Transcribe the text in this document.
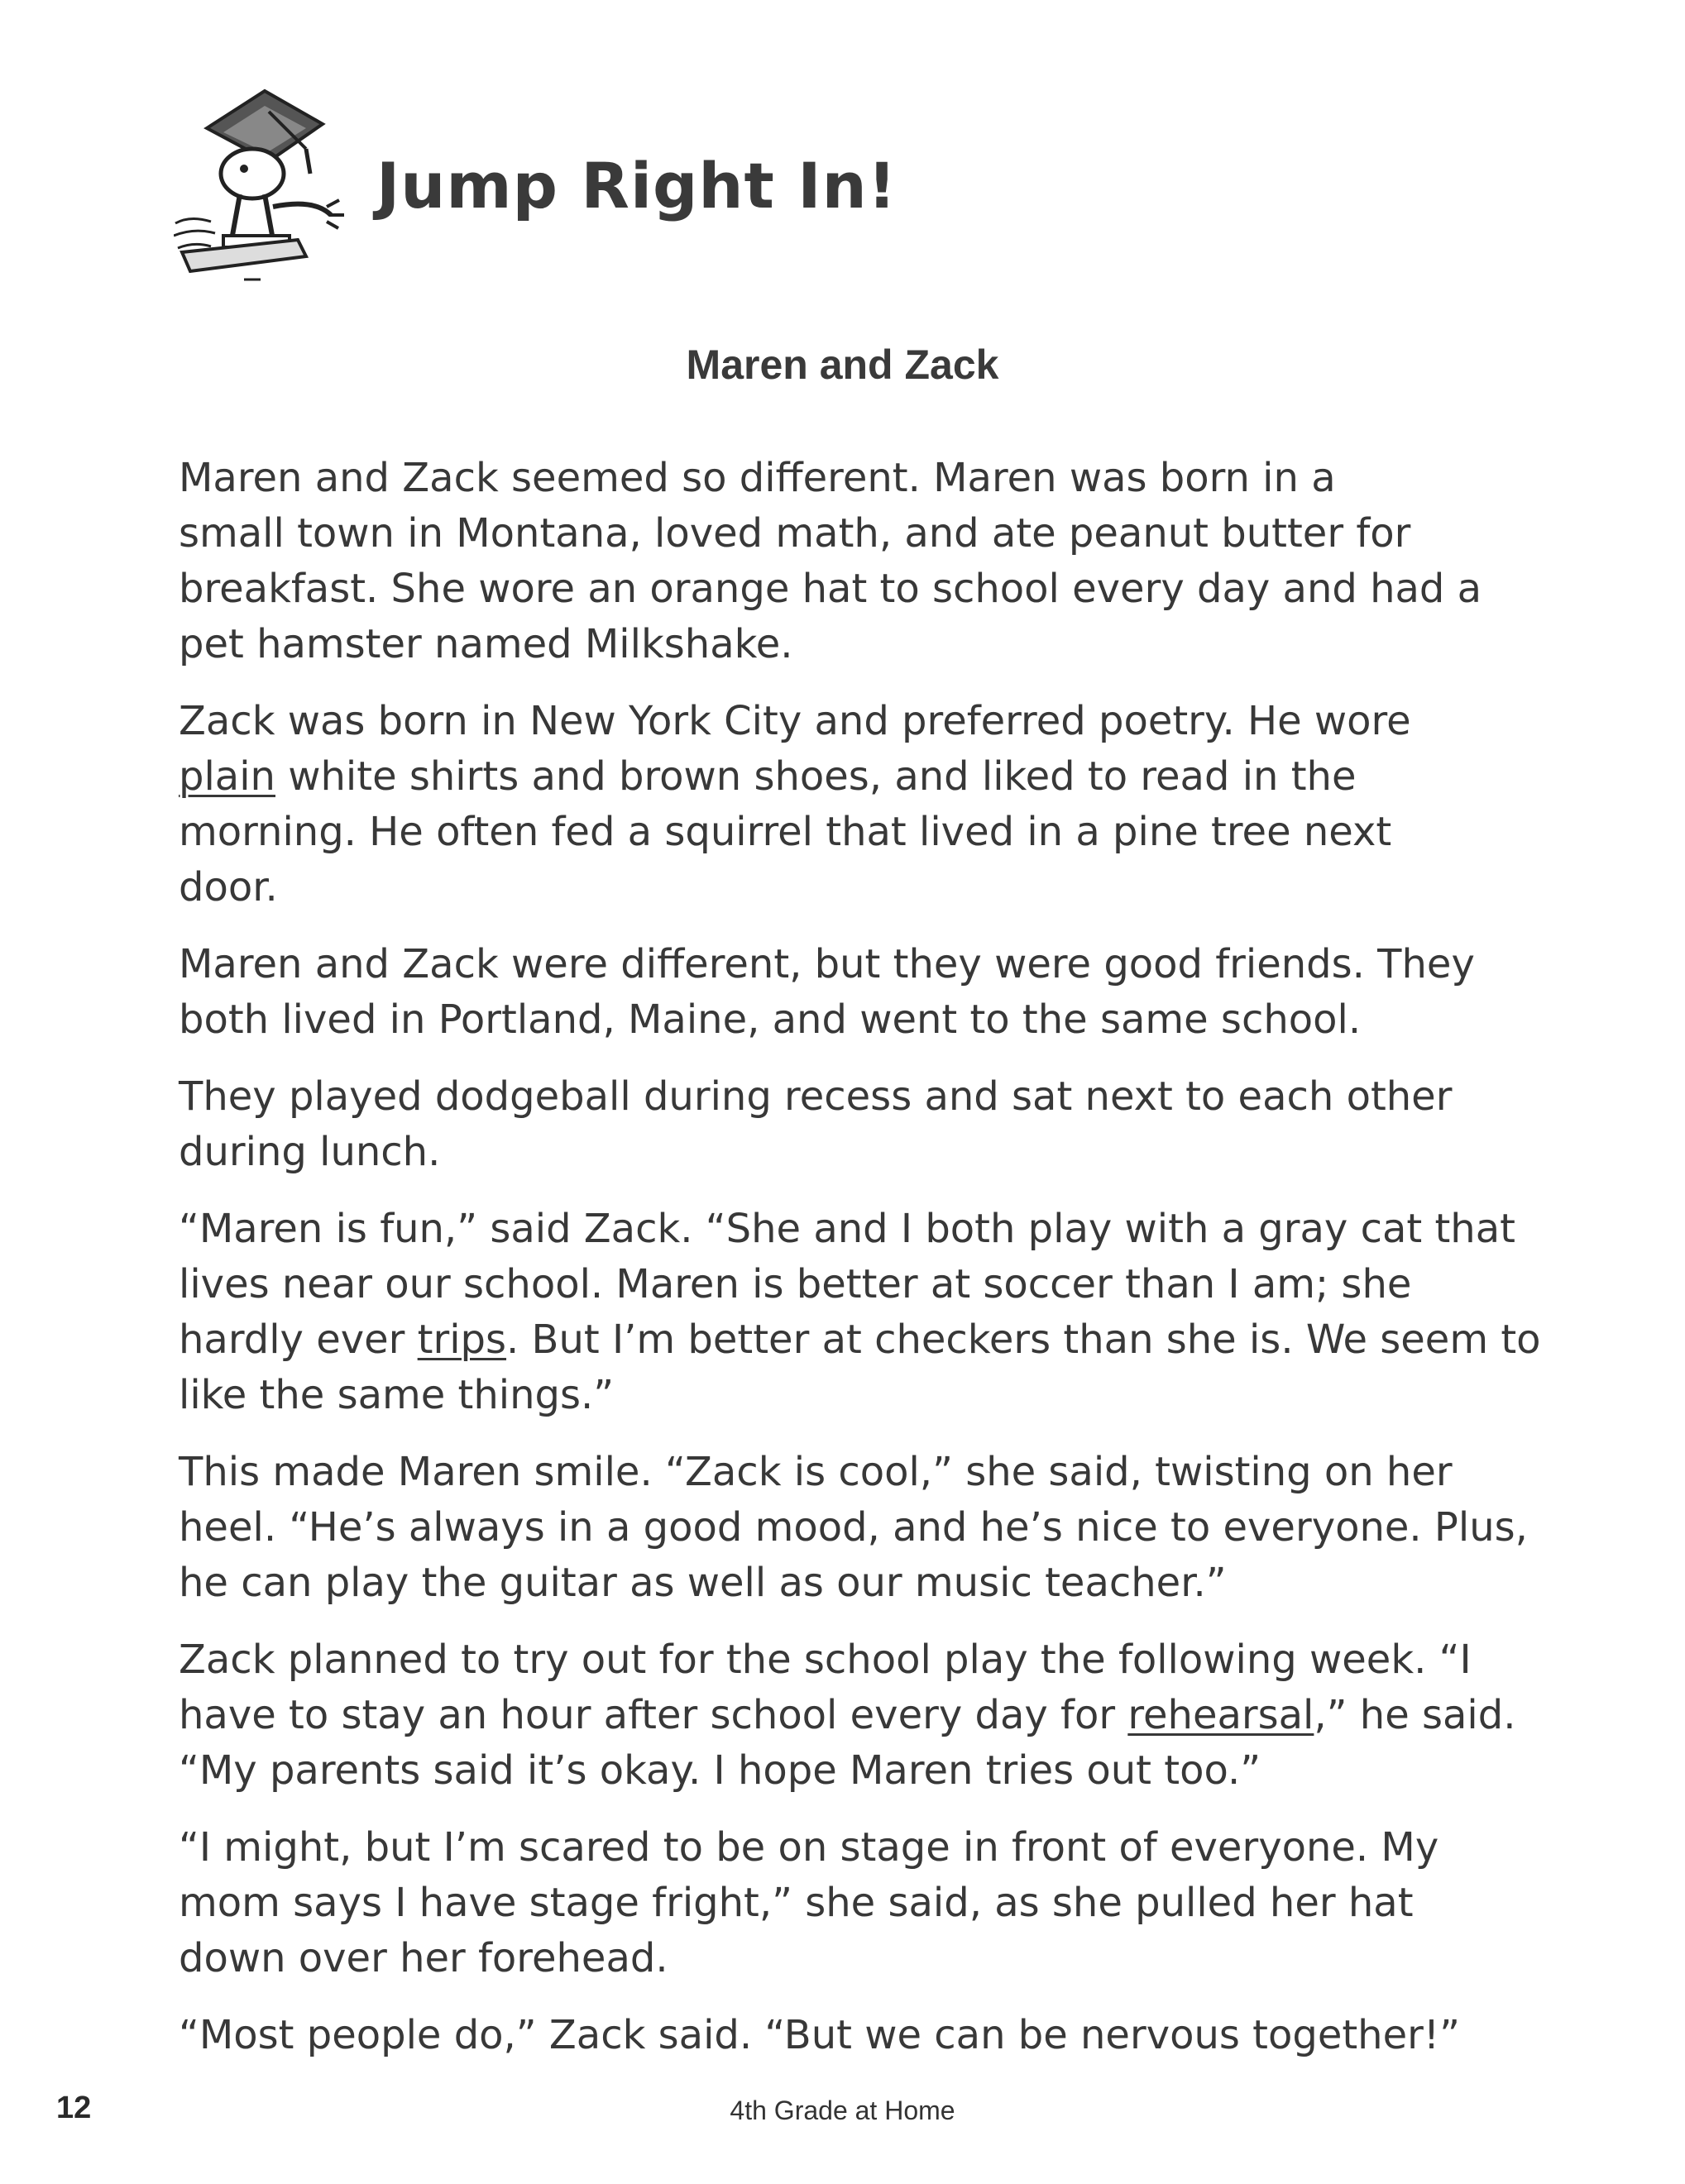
Jump Right In!
Maren and Zack

Maren and Zack seemed so different. Maren was born in a
small town in Montana, loved math, and ate peanut butter for
breakfast. She wore an orange hat to school every day and had a
pet hamster named Milkshake.

Zack was born in New York City and preferred poetry. He wore
plain white shirts and brown shoes, and liked to read in the
morning. He often fed a squirrel that lived in a pine tree next
door.

Maren and Zack were different, but they were good friends. They
both lived in Portland, Maine, and went to the same school.

They played dodgeball during recess and sat next to each other
during lunch.

“Maren is fun,” said Zack. “She and I both play with a gray cat that
lives near our school. Maren is better at soccer than I am; she
hardly ever trips. But I’m better at checkers than she is. We seem to
like the same things.”

This made Maren smile. “Zack is cool,” she said, twisting on her
heel. “He’s always in a good mood, and he’s nice to everyone. Plus,
he can play the guitar as well as our music teacher.”

Zack planned to try out for the school play the following week. “I
have to stay an hour after school every day for rehearsal,” he said.
“My parents said it’s okay. I hope Maren tries out too.”

“I might, but I’m scared to be on stage in front of everyone. My
mom says I have stage fright,” she said, as she pulled her hat
down over her forehead.

“Most people do,” Zack said. “But we can be nervous together!”

12	4th Grade at Home
